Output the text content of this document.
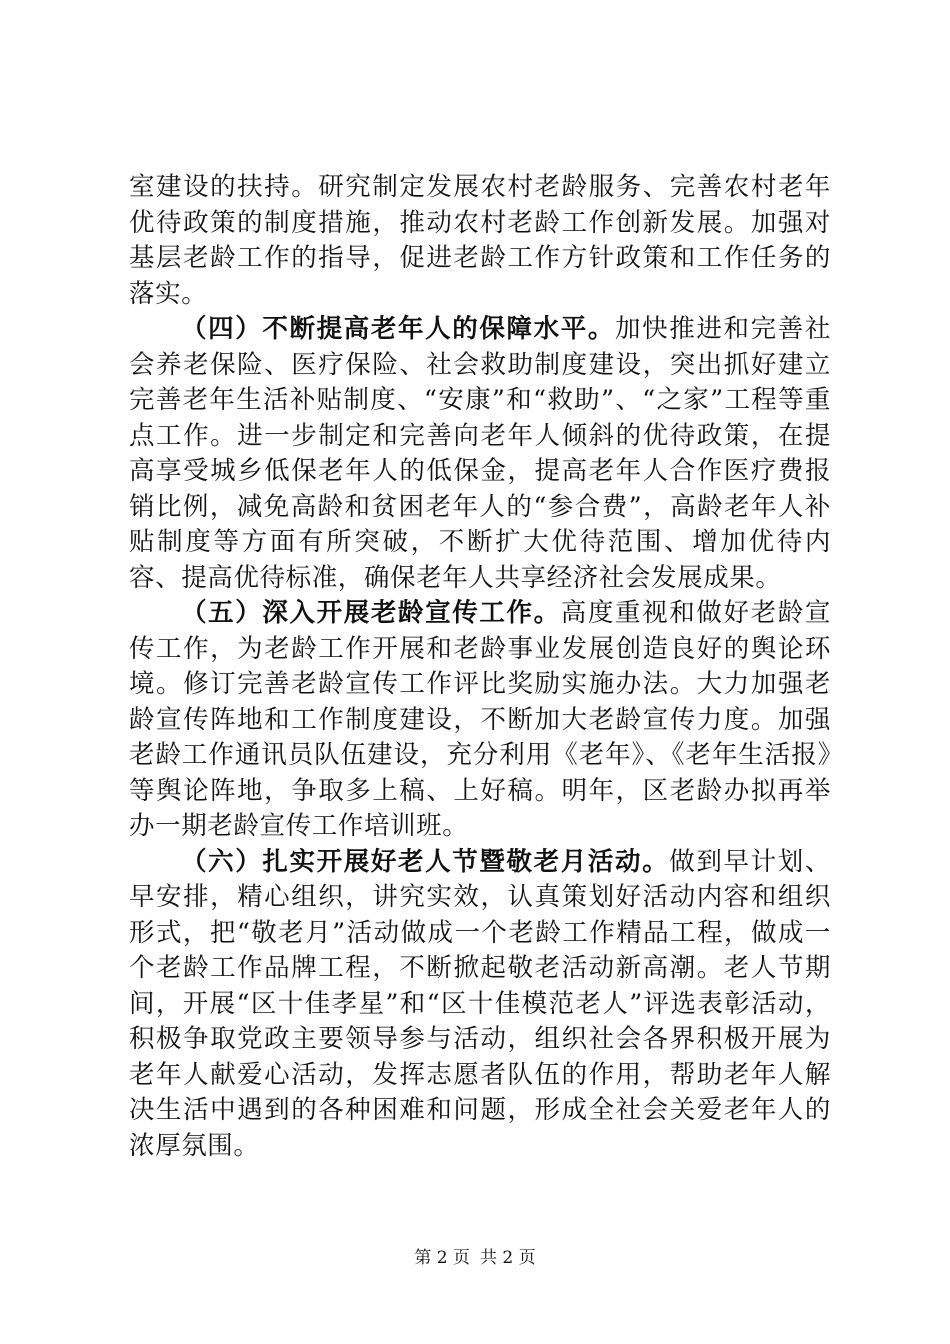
室建设的扶持。研究制定发展农村老龄服务、完善农村老年优待政策的制度措施，推动农村老龄工作创新发展。加强对基层老龄工作的指导，促进老龄工作方针政策和工作任务的落实。

（四）不断提高老年人的保障水平。加快推进和完善社会养老保险、医疗保险、社会救助制度建设，突出抓好建立完善老年生活补贴制度、“安康”和“救助”、“之家”工程等重点工作。进一步制定和完善向老年人倾斜的优待政策，在提高享受城乡低保老年人的低保金，提高老年人合作医疗费报销比例，减免高龄和贫困老年人的“参合费”，高龄老年人补贴制度等方面有所突破，不断扩大优待范围、增加优待内容、提高优待标准，确保老年人共享经济社会发展成果。

（五）深入开展老龄宣传工作。高度重视和做好老龄宣传工作，为老龄工作开展和老龄事业发展创造良好的舆论环境。修订完善老龄宣传工作评比奖励实施办法。大力加强老龄宣传阵地和工作制度建设，不断加大老龄宣传力度。加强老龄工作通讯员队伍建设，充分利用《老年》、《老年生活报》等舆论阵地，争取多上稿、上好稿。明年，区老龄办拟再举办一期老龄宣传工作培训班。

（六）扎实开展好老人节暨敬老月活动。做到早计划、早安排，精心组织，讲究实效，认真策划好活动内容和组织形式，把“敬老月”活动做成一个老龄工作精品工程，做成一个老龄工作品牌工程，不断掀起敬老活动新高潮。老人节期间，开展“区十佳孝星”和“区十佳模范老人”评选表彰活动，积极争取党政主要领导参与活动，组织社会各界积极开展为老年人献爱心活动，发挥志愿者队伍的作用，帮助老年人解决生活中遇到的各种困难和问题，形成全社会关爱老年人的浓厚氛围。

第 2 页 共 2 页
